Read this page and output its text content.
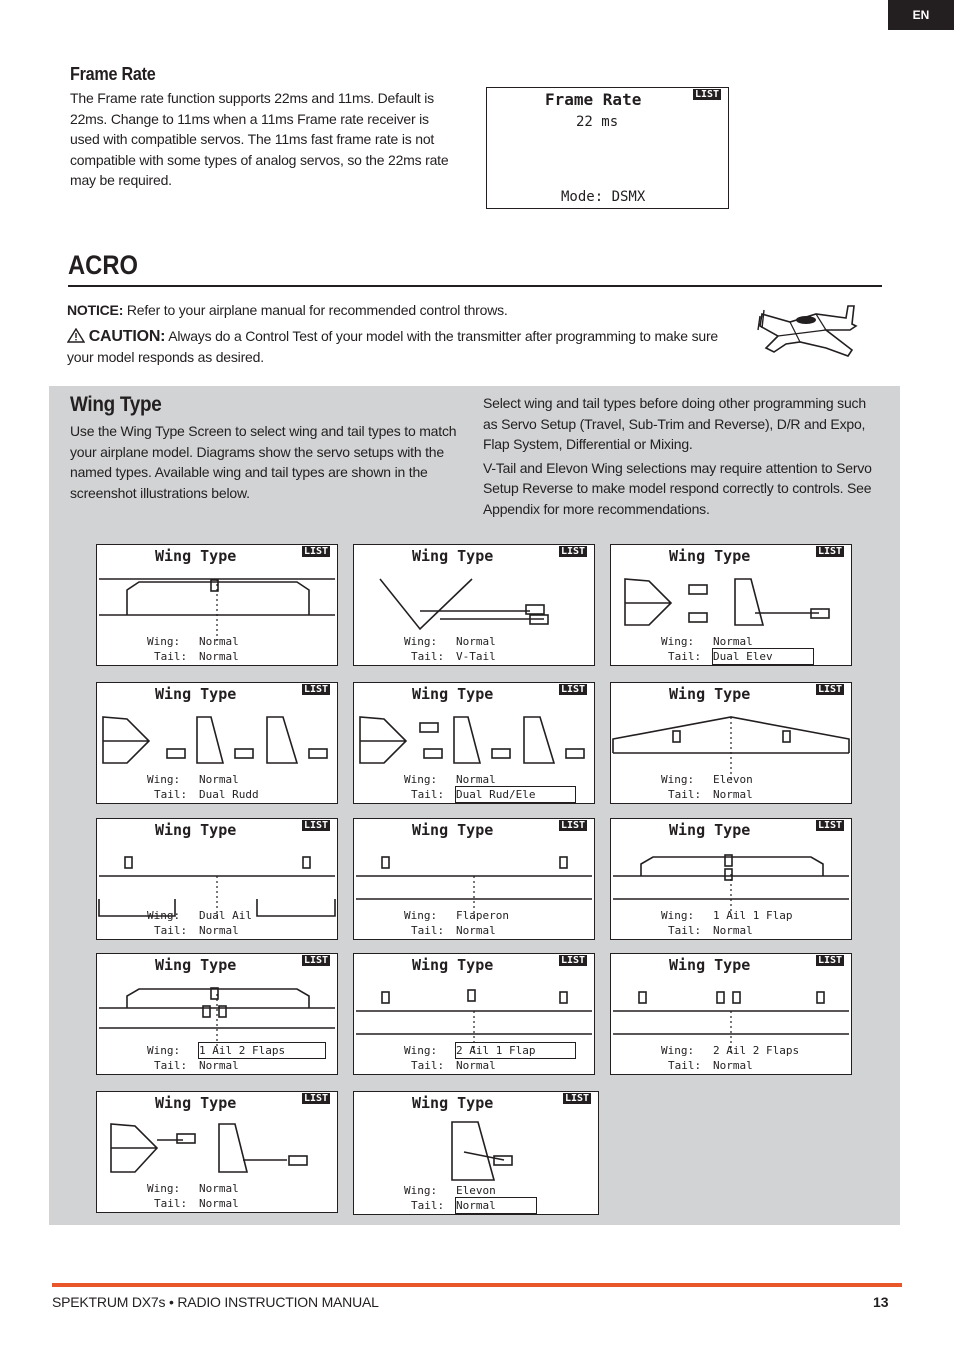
EN
Frame Rate

The Frame rate function supports 22ms and 11ms. Default is 22ms. Change to 11ms when a 11ms Frame rate receiver is used with compatible servos. The 11ms fast frame rate is not compatible with some types of analog servos, so the 22ms rate may be required.

Frame Rate	LIST
22 ms
Mode: DSMX
ACRO

NOTICE: Refer to your airplane manual for recommended control throws.

CAUTION: Always do a Control Test of your model with the transmitter after programming to make sure your model responds as desired.

Wing Type

Use the Wing Type Screen to select wing and tail types to match your airplane model. Diagrams show the servo setups with the named types. Available wing and tail types are shown in the screenshot illustrations below.

Select wing and tail types before doing other programming such as Servo Setup (Travel, Sub-Trim and Reverse), D/R and Expo, Flap System, Differential or Mixing.

V-Tail and Elevon Wing selections may require attention to Servo Setup Reverse to make model respond correctly to controls. See Appendix for more recommendations.

Wing Type	LIST
Wing: Normal
Tail: Normal
Wing Type	LIST
Wing: Normal
Tail: V-Tail
Wing Type	LIST
Wing: Normal
Tail: Dual Elev
Wing Type	LIST
Wing: Normal
Tail: Dual Rudd
Wing Type	LIST
Wing: Normal
Tail: Dual Rud/Ele
Wing Type	LIST
Wing: Elevon
Tail: Normal
Wing Type	LIST
Wing: Dual Ail
Tail: Normal
Wing Type	LIST
Wing: Flaperon
Tail: Normal
Wing Type	LIST
Wing: 1 Ail 1 Flap
Tail: Normal
Wing Type	LIST
Wing: 1 Ail 2 Flaps
Tail: Normal
Wing Type	LIST
Wing: 2 Ail 1 Flap
Tail: Normal
Wing Type	LIST
Wing: 2 Ail 2 Flaps
Tail: Normal
Wing Type	LIST
Wing: Normal
Tail: Normal
Wing Type	LIST
Wing: Elevon
Tail: Normal
SPEKTRUM DX7s • RADIO INSTRUCTION MANUAL	13
